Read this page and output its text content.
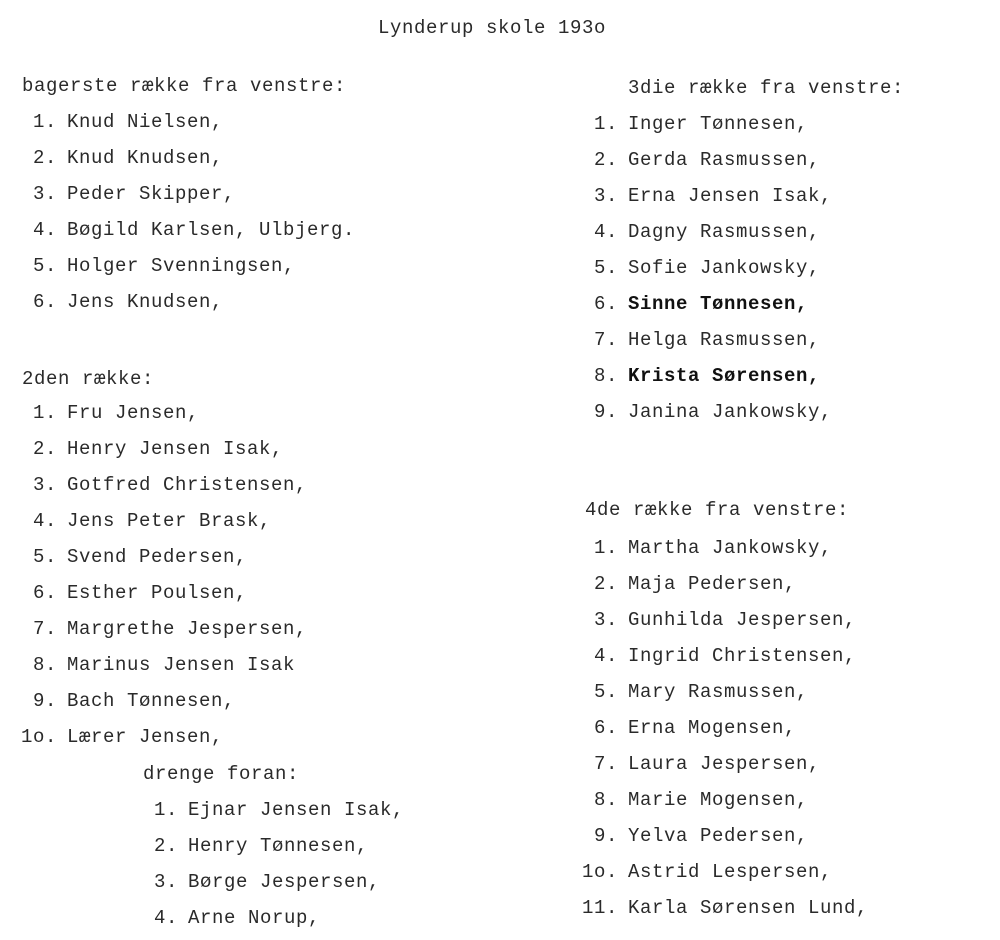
Lynderup skole 193o
bagerste række fra venstre:
1. Knud Nielsen,
2. Knud Knudsen,
3. Peder Skipper,
4. Bøgild Karlsen, Ulbjerg.
5. Holger Svenningsen,
6. Jens Knudsen,
2den række:
1. Fru Jensen,
2. Henry Jensen Isak,
3. Gotfred Christensen,
4. Jens Peter Brask,
5. Svend Pedersen,
6. Esther Poulsen,
7. Margrethe Jespersen,
8. Marinus Jensen Isak
9. Bach Tønnesen,
1o. Lærer Jensen,
drenge foran:
1. Ejnar Jensen Isak,
2. Henry Tønnesen,
3. Børge Jespersen,
4. Arne Norup,
3die række fra venstre:
1. Inger Tønnesen,
2. Gerda Rasmussen,
3. Erna Jensen Isak,
4. Dagny Rasmussen,
5. Sofie Jankowsky,
6. Sinne Tønnesen,
7. Helga Rasmussen,
8. Krista Sørensen,
9. Janina Jankowsky,
4de række fra venstre:
1. Martha Jankowsky,
2. Maja Pedersen,
3. Gunhilda Jespersen,
4. Ingrid Christensen,
5. Mary Rasmussen,
6. Erna Mogensen,
7. Laura Jespersen,
8. Marie Mogensen,
9. Yelva Pedersen,
1o. Astrid Lespersen,
11. Karla Sørensen Lund,
